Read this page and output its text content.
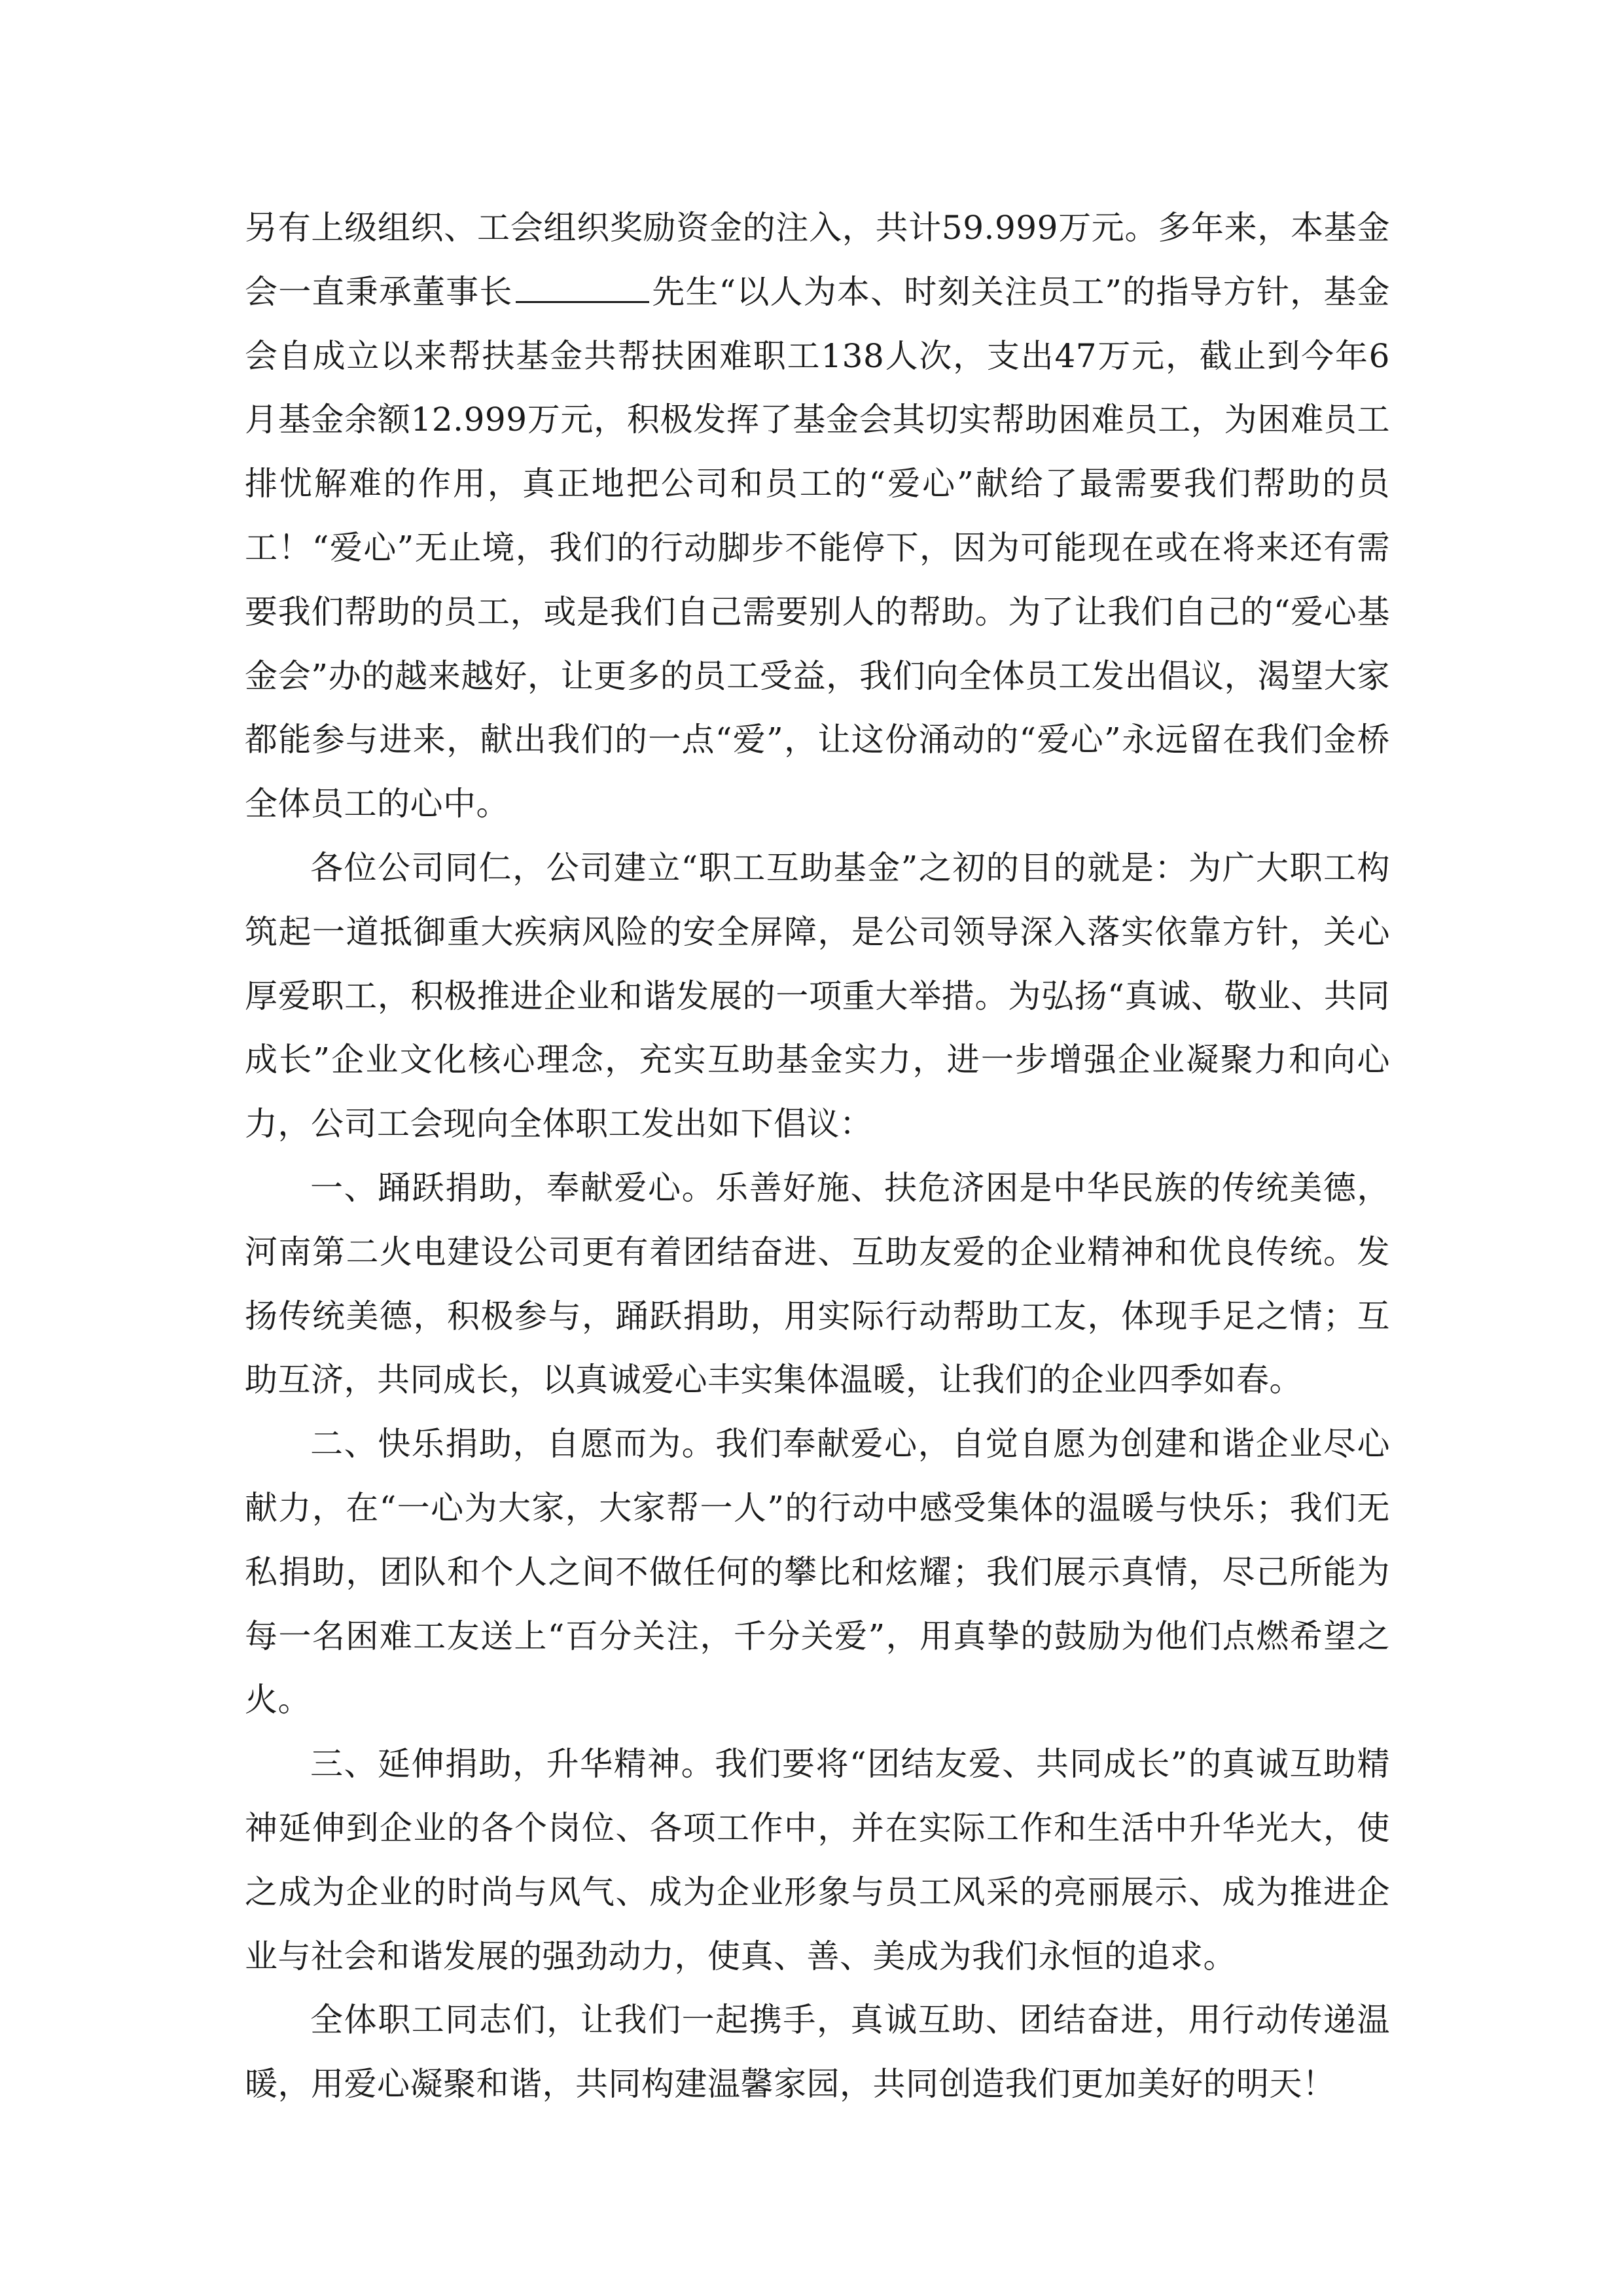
另有上级组织、工会组织奖励资金的注入，共计59.999万元。多年来，本基金会一直秉承董事长	先生“以人为本、时刻关注员工”的指导方针，基金会自成立以来帮扶基金共帮扶困难职工138人次，支出47万元，截止到今年6月基金余额12.999万元，积极发挥了基金会其切实帮助困难员工，为困难员工排忧解难的作用，真正地把公司和员工的“爱心”献给了最需要我们帮助的员工！“爱心”无止境，我们的行动脚步不能停下，因为可能现在或在将来还有需要我们帮助的员工，或是我们自己需要别人的帮助。为了让我们自己的“爱心基金会”办的越来越好，让更多的员工受益，我们向全体员工发出倡议，渴望大家都能参与进来，献出我们的一点“爱”，让这份涌动的“爱心”永远留在我们金桥全体员工的心中。

各位公司同仁，公司建立“职工互助基金”之初的目的就是：为广大职工构筑起一道抵御重大疾病风险的安全屏障，是公司领导深入落实依靠方针，关心厚爱职工，积极推进企业和谐发展的一项重大举措。为弘扬“真诚、敬业、共同成长”企业文化核心理念，充实互助基金实力，进一步增强企业凝聚力和向心力，公司工会现向全体职工发出如下倡议：

一、踊跃捐助，奉献爱心。乐善好施、扶危济困是中华民族的传统美德，河南第二火电建设公司更有着团结奋进、互助友爱的企业精神和优良传统。发扬传统美德，积极参与，踊跃捐助，用实际行动帮助工友，体现手足之情；互助互济，共同成长，以真诚爱心丰实集体温暖，让我们的企业四季如春。

二、快乐捐助，自愿而为。我们奉献爱心，自觉自愿为创建和谐企业尽心献力，在“一心为大家，大家帮一人”的行动中感受集体的温暖与快乐；我们无私捐助，团队和个人之间不做任何的攀比和炫耀；我们展示真情，尽己所能为每一名困难工友送上“百分关注，千分关爱”，用真挚的鼓励为他们点燃希望之火。

三、延伸捐助，升华精神。我们要将“团结友爱、共同成长”的真诚互助精神延伸到企业的各个岗位、各项工作中，并在实际工作和生活中升华光大，使之成为企业的时尚与风气、成为企业形象与员工风采的亮丽展示、成为推进企业与社会和谐发展的强劲动力，使真、善、美成为我们永恒的追求。

全体职工同志们，让我们一起携手，真诚互助、团结奋进，用行动传递温暖，用爱心凝聚和谐，共同构建温馨家园，共同创造我们更加美好的明天！
